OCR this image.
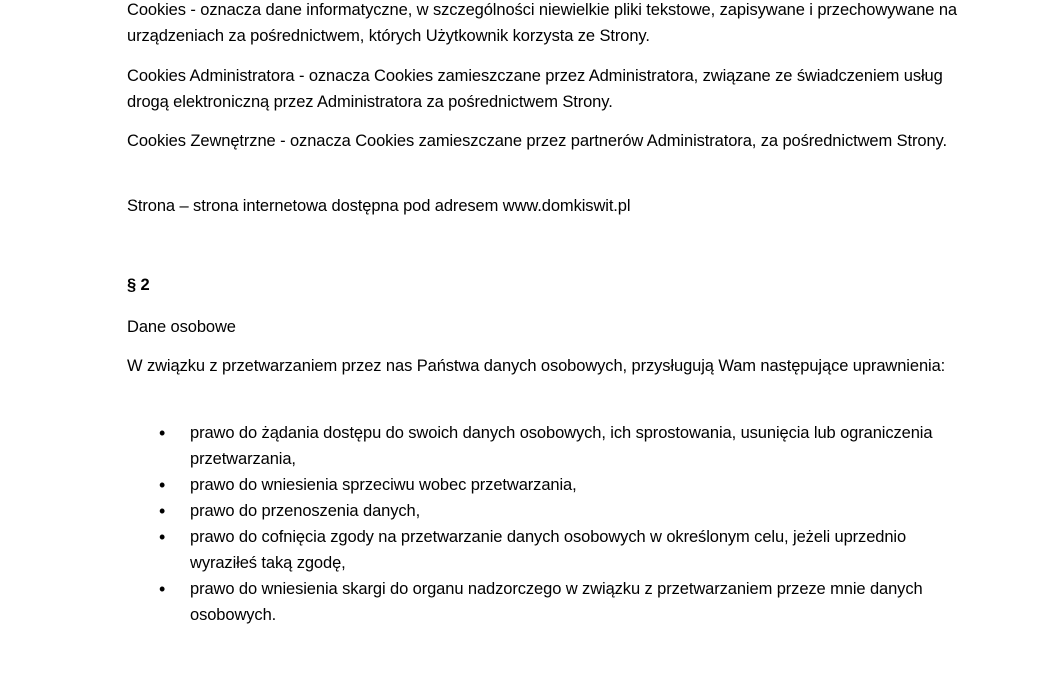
Cookies - oznacza dane informatyczne, w szczególności niewielkie pliki tekstowe, zapisywane i przechowywane na urządzeniach za pośrednictwem, których Użytkownik korzysta ze Strony.

Cookies Administratora - oznacza Cookies zamieszczane przez Administratora, związane ze świadczeniem usług drogą elektroniczną przez Administratora za pośrednictwem Strony.

Cookies Zewnętrzne - oznacza Cookies zamieszczane przez partnerów Administratora, za pośrednictwem Strony.

Strona – strona internetowa dostępna pod adresem www.domkiswit.pl

§ 2
Dane osobowe

W związku z przetwarzaniem przez nas Państwa danych osobowych, przysługują Wam następujące uprawnienia:

• prawo do żądania dostępu do swoich danych osobowych, ich sprostowania, usunięcia lub ograniczenia przetwarzania,
• prawo do wniesienia sprzeciwu wobec przetwarzania,
• prawo do przenoszenia danych,
• prawo do cofnięcia zgody na przetwarzanie danych osobowych w określonym celu, jeżeli uprzednio wyraziłeś taką zgodę,
• prawo do wniesienia skargi do organu nadzorczego w związku z przetwarzaniem przeze mnie danych osobowych.
